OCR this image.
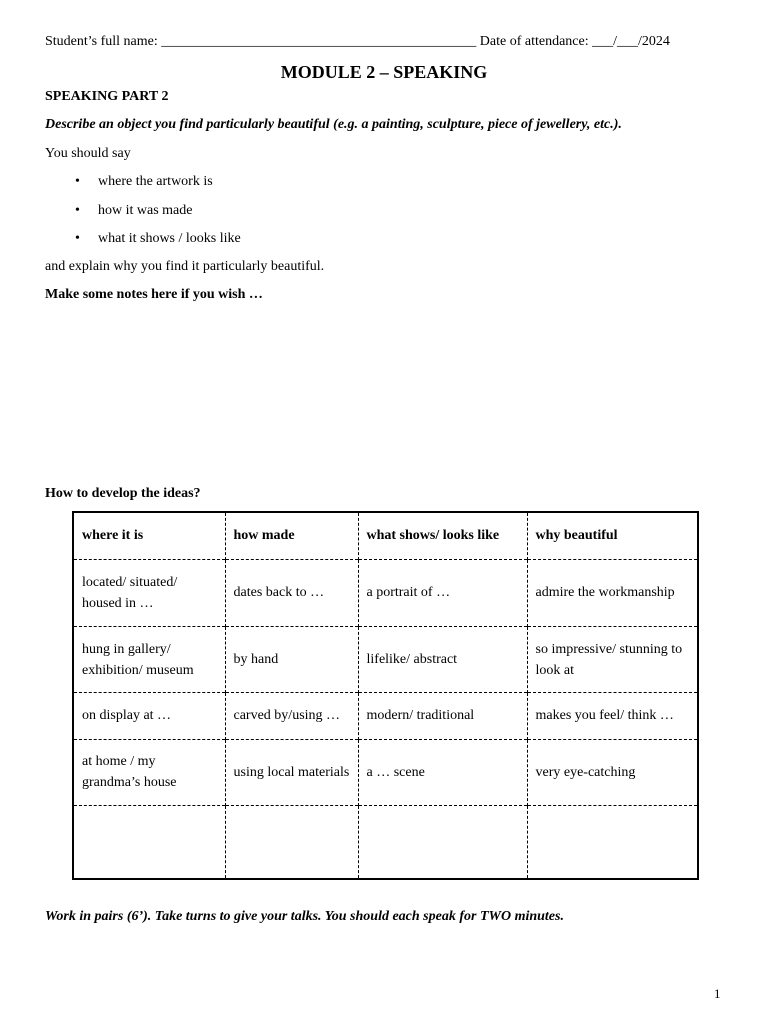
Student’s full name: _____________________________________________ Date of attendance: ___/___/2024
MODULE 2 – SPEAKING
SPEAKING PART 2
Describe an object you find particularly beautiful (e.g. a painting, sculpture, piece of jewellery, etc.).
You should say
• where the artwork is
• how it was made
• what it shows / looks like
and explain why you find it particularly beautiful.
Make some notes here if you wish …
How to develop the ideas?
where it is	how made	what shows/ looks like	why beautiful
located/ situated/ housed in …	dates back to …	a portrait of …	admire the workmanship
hung in gallery/ exhibition/ museum	by hand	lifelike/ abstract	so impressive/ stunning to look at
on display at …	carved by/using …	modern/ traditional	makes you feel/ think …
at home / my grandma’s house	using local materials	a … scene	very eye-catching

Work in pairs (6’). Take turns to give your talks. You should each speak for TWO minutes.
1
